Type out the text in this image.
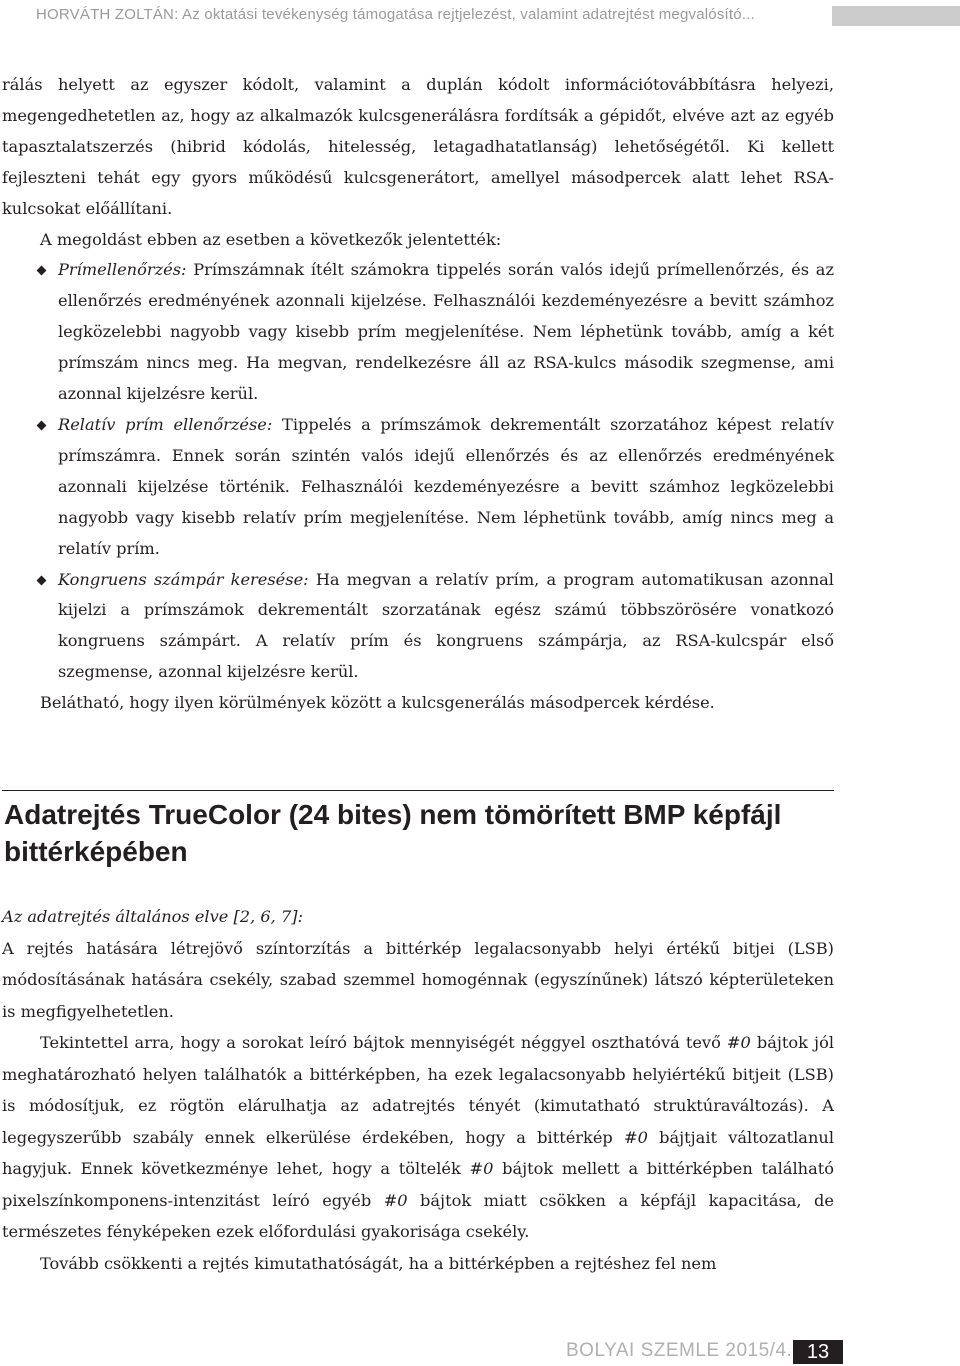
HORVÁTH ZOLTÁN: Az oktatási tevékenység támogatása rejtjelezést, valamint adatrejtést megvalósító...

rálás helyett az egyszer kódolt, valamint a duplán kódolt információtovábbításra helyezi, megengedhetetlen az, hogy az alkalmazók kulcsgenerálásra fordítsák a gépidőt, elvéve azt az egyéb tapasztalatszerzés (hibrid kódolás, hitelesség, letagadhatatlanság) lehetőségétől. Ki kellett fejleszteni tehát egy gyors működésű kulcsgenerátort, amellyel másodpercek alatt lehet RSA-kulcsokat előállítani.

A megoldást ebben az esetben a következők jelentették:

Prímellenőrzés: Prímszámnak ítélt számokra tippelés során valós idejű prímellenőrzés, és az ellenőrzés eredményének azonnali kijelzése. Felhasználói kezdeményezésre a bevitt számhoz legközelebbi nagyobb vagy kisebb prím megjelenítése. Nem léphetünk tovább, amíg a két prímszám nincs meg. Ha megvan, rendelkezésre áll az RSA-kulcs második szegmense, ami azonnal kijelzésre kerül.
Relatív prím ellenőrzése: Tippelés a prímszámok dekrementált szorzatához képest relatív prímszámra. Ennek során szintén valós idejű ellenőrzés és az ellenőrzés eredményének azonnali kijelzése történik. Felhasználói kezdeményezésre a bevitt számhoz legközelebbi nagyobb vagy kisebb relatív prím megjelenítése. Nem léphetünk tovább, amíg nincs meg a relatív prím.
Kongruens számpár keresése: Ha megvan a relatív prím, a program automatikusan azonnal kijelzi a prímszámok dekrementált szorzatának egész számú többszörösére vonatkozó kongruens számpárt. A relatív prím és kongruens számpárja, az RSA-kulcspár első szegmense, azonnal kijelzésre kerül.

Belátható, hogy ilyen körülmények között a kulcsgenerálás másodpercek kérdése.

Adatrejtés TrueColor (24 bites) nem tömörített BMP képfájl bittérképében

Az adatrejtés általános elve [2, 6, 7]:

A rejtés hatására létrejövő színtorzítás a bittérkép legalacsonyabb helyi értékű bitjei (LSB) módosításának hatására csekély, szabad szemmel homogénnak (egyszínűnek) látszó képterületeken is megfigyelhetetlen.

Tekintettel arra, hogy a sorokat leíró bájtok mennyiségét néggyel oszthatóvá tevő #0 bájtok jól meghatározható helyen találhatók a bittérképben, ha ezek legalacsonyabb helyiértékű bitjeit (LSB) is módosítjuk, ez rögtön elárulhatja az adatrejtés tényét (kimutatható struktúraváltozás). A legegyszerűbb szabály ennek elkerülése érdekében, hogy a bittérkép #0 bájtjait változatlanul hagyjuk. Ennek következménye lehet, hogy a töltelék #0 bájtok mellett a bittérképben található pixelszínkomponens-intenzitást leíró egyéb #0 bájtok miatt csökken a képfájl kapacitása, de természetes fényképeken ezek előfordulási gyakorisága csekély.

Tovább csökkenti a rejtés kimutathatóságát, ha a bittérképben a rejtéshez fel nem

BOLYAI SZEMLE 2015/4. 13
